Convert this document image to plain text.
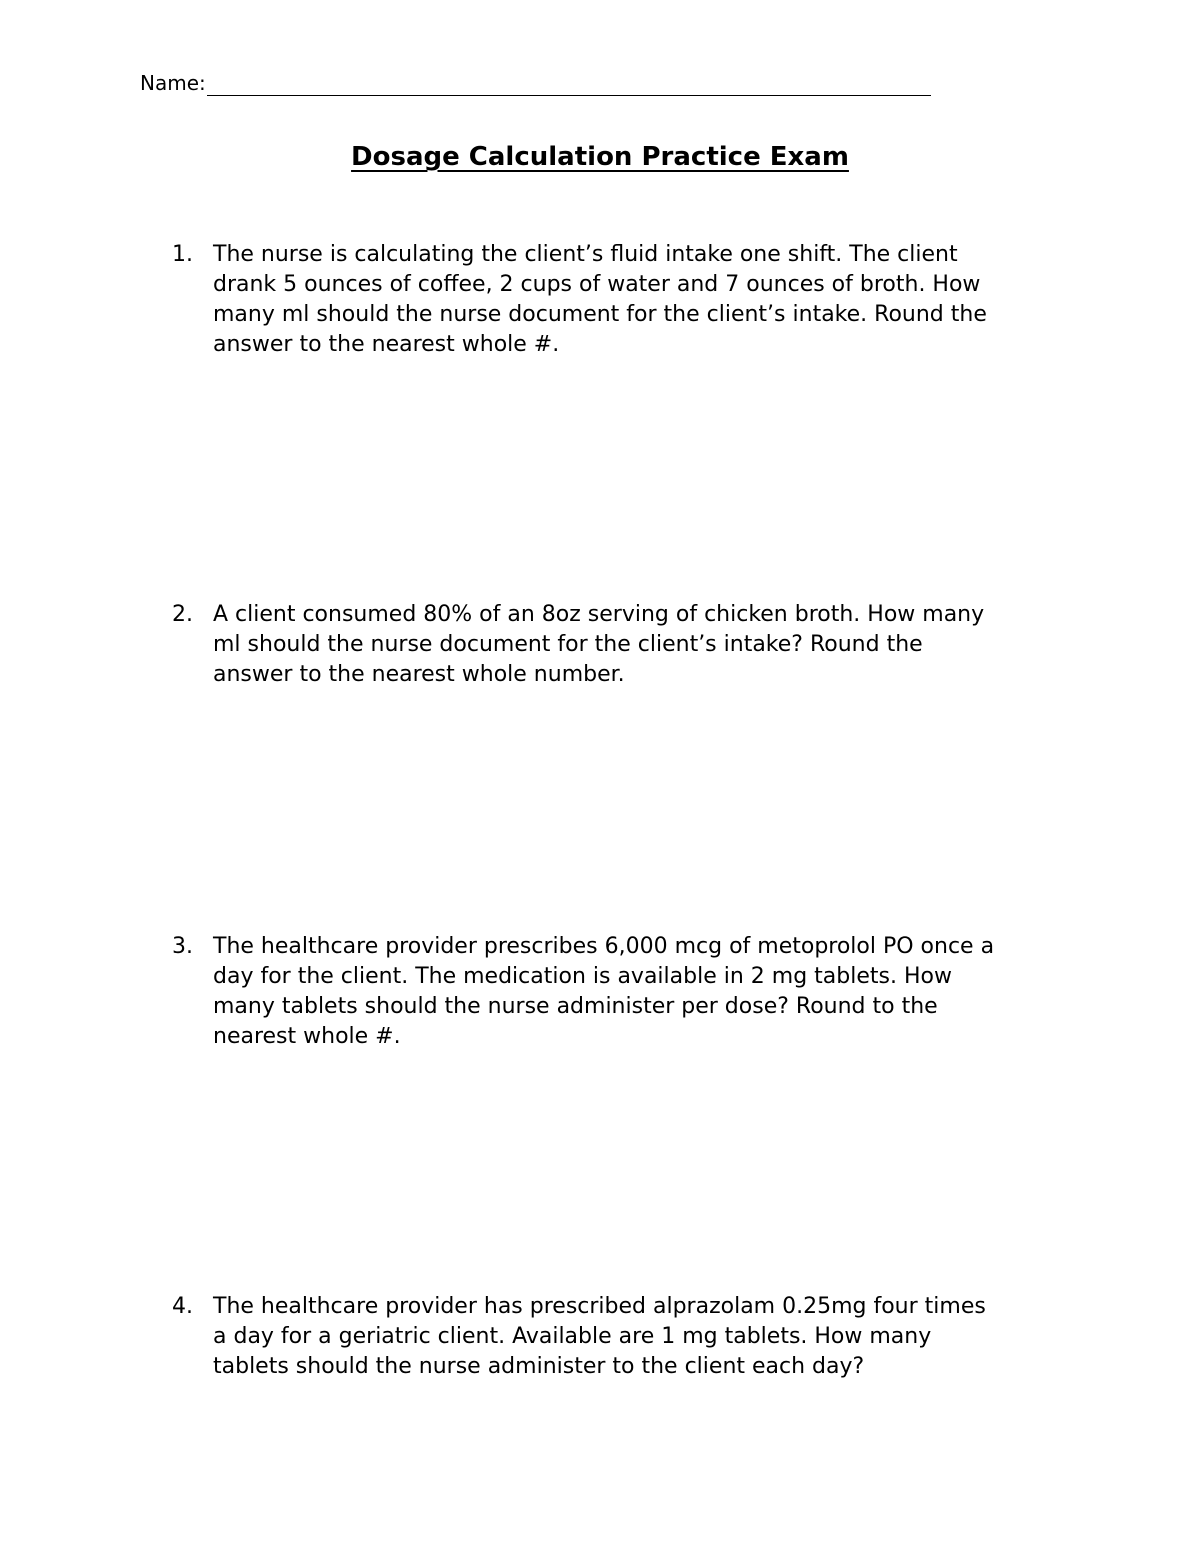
Name:
Dosage Calculation Practice Exam
1. The nurse is calculating the client’s fluid intake one shift. The client
drank 5 ounces of coffee, 2 cups of water and 7 ounces of broth. How
many ml should the nurse document for the client’s intake. Round the
answer to the nearest whole #.
2. A client consumed 80% of an 8oz serving of chicken broth. How many
ml should the nurse document for the client’s intake? Round the
answer to the nearest whole number.
3. The healthcare provider prescribes 6,000 mcg of metoprolol PO once a
day for the client. The medication is available in 2 mg tablets. How
many tablets should the nurse administer per dose? Round to the
nearest whole #.
4. The healthcare provider has prescribed alprazolam 0.25mg four times
a day for a geriatric client. Available are 1 mg tablets. How many
tablets should the nurse administer to the client each day?
